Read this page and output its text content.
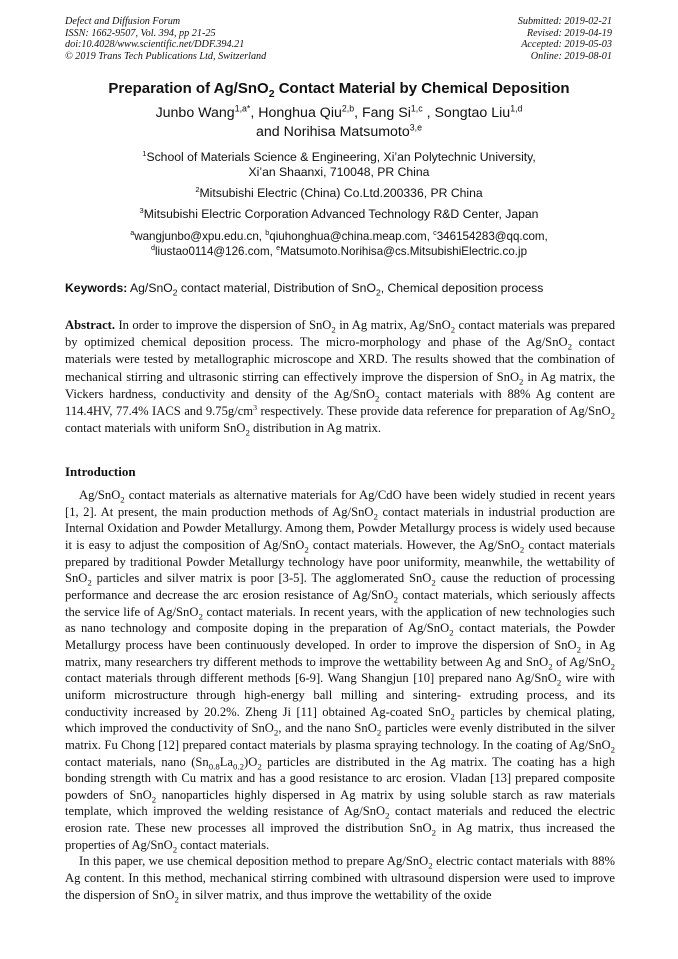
Defect and Diffusion Forum
ISSN: 1662-9507, Vol. 394, pp 21-25
doi:10.4028/www.scientific.net/DDF.394.21
© 2019 Trans Tech Publications Ltd, Switzerland
Submitted: 2019-02-21
Revised: 2019-04-19
Accepted: 2019-05-03
Online: 2019-08-01
Preparation of Ag/SnO$_2$ Contact Material by Chemical Deposition
Junbo Wang$^{1,a*}$, Honghua Qiu$^{2,b}$, Fang Si$^{1,c}$ , Songtao Liu$^{1,d}$
and Norihisa Matsumoto$^{3,e}$
$^1$School of Materials Science & Engineering, Xi’an Polytechnic University,
Xi’an Shaanxi, 710048, PR China
$^2$Mitsubishi Electric (China) Co.Ltd.200336, PR China
$^3$Mitsubishi Electric Corporation Advanced Technology R&D Center, Japan
$^a$wangjunbo@xpu.edu.cn, $^b$qiuhonghua@china.meap.com, $^c$346154283@qq.com,
$^d$liustao0114@126.com, $^e$Matsumoto.Norihisa@cs.MitsubishiElectric.co.jp
Keywords: Ag/SnO$_2$ contact material, Distribution of SnO$_2$, Chemical deposition process
Abstract. In order to improve the dispersion of SnO$_2$ in Ag matrix, Ag/SnO$_2$ contact materials was prepared by optimized chemical deposition process. The micro-morphology and phase of the Ag/SnO$_2$ contact materials were tested by metallographic microscope and XRD. The results showed that the combination of mechanical stirring and ultrasonic stirring can effectively improve the dispersion of SnO$_2$ in Ag matrix, the Vickers hardness, conductivity and density of the Ag/SnO$_2$ contact materials with 88% Ag content are 114.4HV, 77.4% IACS and $9.75g/cm^3$ respectively. These provide data reference for preparation of Ag/SnO$_2$ contact materials with uniform SnO$_2$ distribution in Ag matrix.
Introduction

Ag/SnO$_2$ contact materials as alternative materials for Ag/CdO have been widely studied in recent years [1, 2]. At present, the main production methods of Ag/SnO$_2$ contact materials in industrial production are Internal Oxidation and Powder Metallurgy. Among them, Powder Metallurgy process is widely used because it is easy to adjust the composition of Ag/SnO$_2$ contact materials. However, the Ag/SnO$_2$ contact materials prepared by traditional Powder Metallurgy technology have poor uniformity, meanwhile, the wettability of SnO$_2$ particles and silver matrix is poor [3-5]. The agglomerated SnO$_2$ cause the reduction of processing performance and decrease the arc erosion resistance of Ag/SnO$_2$ contact materials, which seriously affects the service life of Ag/SnO$_2$ contact materials. In recent years, with the application of new technologies such as nano technology and composite doping in the preparation of Ag/SnO$_2$ contact materials, the Powder Metallurgy process have been continuously developed. In order to improve the dispersion of SnO$_2$ in Ag matrix, many researchers try different methods to improve the wettability between Ag and SnO$_2$ of Ag/SnO$_2$ contact materials through different methods [6-9]. Wang Shangjun [10] prepared nano Ag/SnO$_2$ wire with uniform microstructure through high-energy ball milling and sintering- extruding process, and its conductivity increased by 20.2%. Zheng Ji [11] obtained Ag-coated SnO$_2$ particles by chemical plating, which improved the conductivity of SnO$_2$, and the nano SnO$_2$ particles were evenly distributed in the silver matrix. Fu Chong [12] prepared contact materials by plasma spraying technology. In the coating of Ag/SnO$_2$ contact materials, nano $(Sn_{0.8}La_{0.2})O_2$ particles are distributed in the Ag matrix. The coating has a high bonding strength with Cu matrix and has a good resistance to arc erosion. Vladan [13] prepared composite powders of SnO$_2$ nanoparticles highly dispersed in Ag matrix by using soluble starch as raw materials template, which improved the welding resistance of Ag/SnO$_2$ contact materials and reduced the electric erosion rate. These new processes all improved the distribution SnO$_2$ in Ag matrix, thus increased the properties of Ag/SnO$_2$ contact materials.

In this paper, we use chemical deposition method to prepare Ag/SnO$_2$ electric contact materials with 88% Ag content. In this method, mechanical stirring combined with ultrasound dispersion were used to improve the dispersion of SnO$_2$ in silver matrix, and thus improve the wettability of the oxide
